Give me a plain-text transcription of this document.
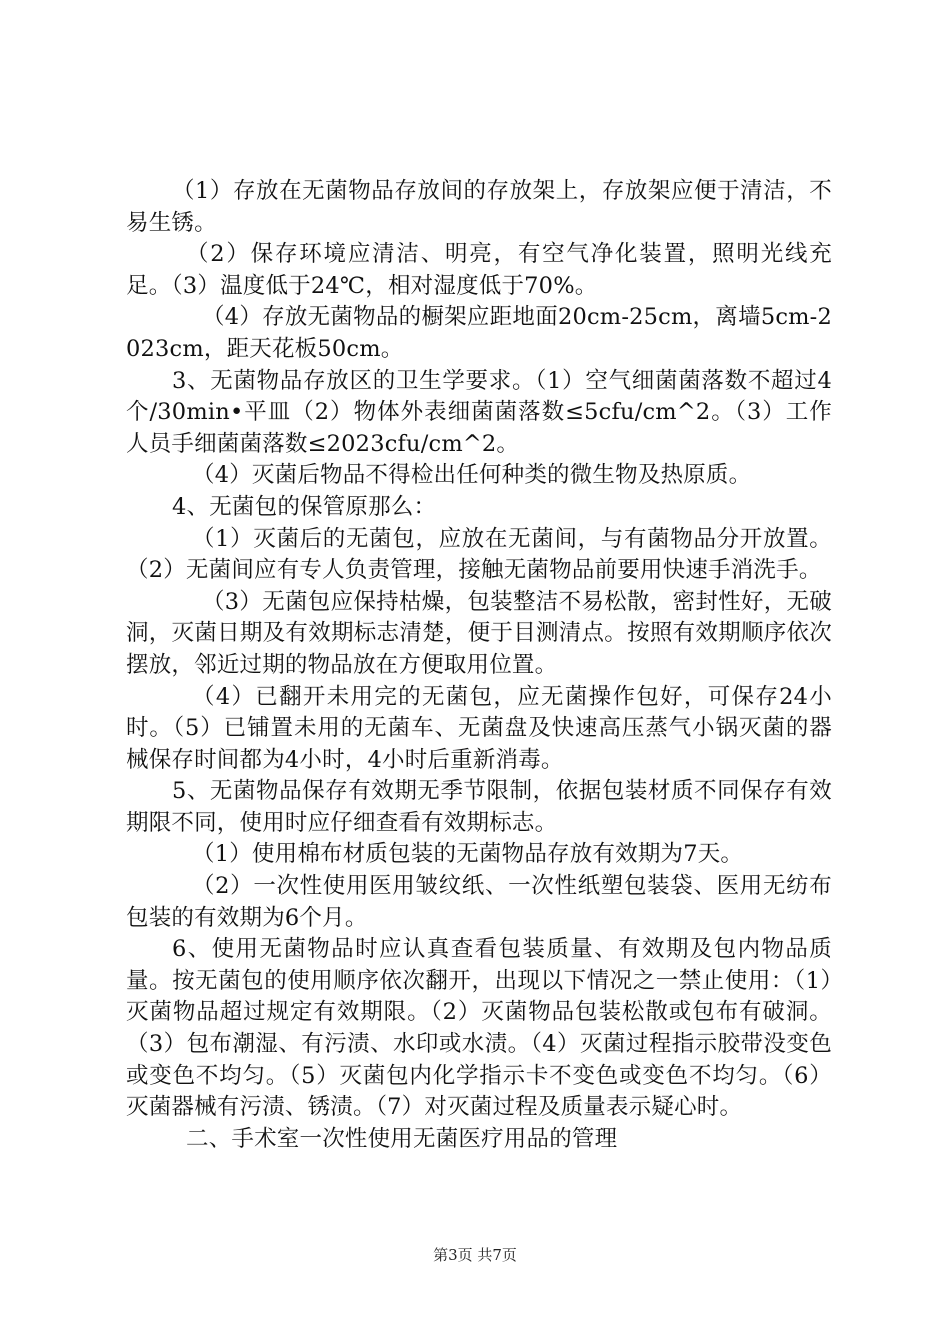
（1）存放在无菌物品存放间的存放架上，存放架应便于清洁，不易生锈。

（2）保存环境应清洁、明亮，有空气净化装置，照明光线充足。（3）温度低于24℃，相对湿度低于70%。

（4）存放无菌物品的橱架应距地面20cm-25cm，离墙5cm-2023cm，距天花板50cm。

3、无菌物品存放区的卫生学要求。（1）空气细菌菌落数不超过4个/30min•平皿（2）物体外表细菌菌落数≤5cfu/cm^2。（3）工作人员手细菌菌落数≤2023cfu/cm^2。

（4）灭菌后物品不得检出任何种类的微生物及热原质。

4、无菌包的保管原那么：

（1）灭菌后的无菌包，应放在无菌间，与有菌物品分开放置。（2）无菌间应有专人负责管理，接触无菌物品前要用快速手消洗手。

（3）无菌包应保持枯燥，包装整洁不易松散，密封性好，无破洞，灭菌日期及有效期标志清楚，便于目测清点。按照有效期顺序依次摆放，邻近过期的物品放在方便取用位置。

（4）已翻开未用完的无菌包，应无菌操作包好，可保存24小时。（5）已铺置未用的无菌车、无菌盘及快速高压蒸气小锅灭菌的器械保存时间都为4小时，4小时后重新消毒。

5、无菌物品保存有效期无季节限制，依据包装材质不同保存有效期限不同，使用时应仔细查看有效期标志。

（1）使用棉布材质包装的无菌物品存放有效期为7天。

（2）一次性使用医用皱纹纸、一次性纸塑包装袋、医用无纺布包装的有效期为6个月。

6、使用无菌物品时应认真查看包装质量、有效期及包内物品质量。按无菌包的使用顺序依次翻开，出现以下情况之一禁止使用：（1）灭菌物品超过规定有效期限。（2）灭菌物品包装松散或包布有破洞。（3）包布潮湿、有污渍、水印或水渍。（4）灭菌过程指示胶带没变色或变色不均匀。（5）灭菌包内化学指示卡不变色或变色不均匀。（6）灭菌器械有污渍、锈渍。（7）对灭菌过程及质量表示疑心时。

二、手术室一次性使用无菌医疗用品的管理

第3页 共7页
